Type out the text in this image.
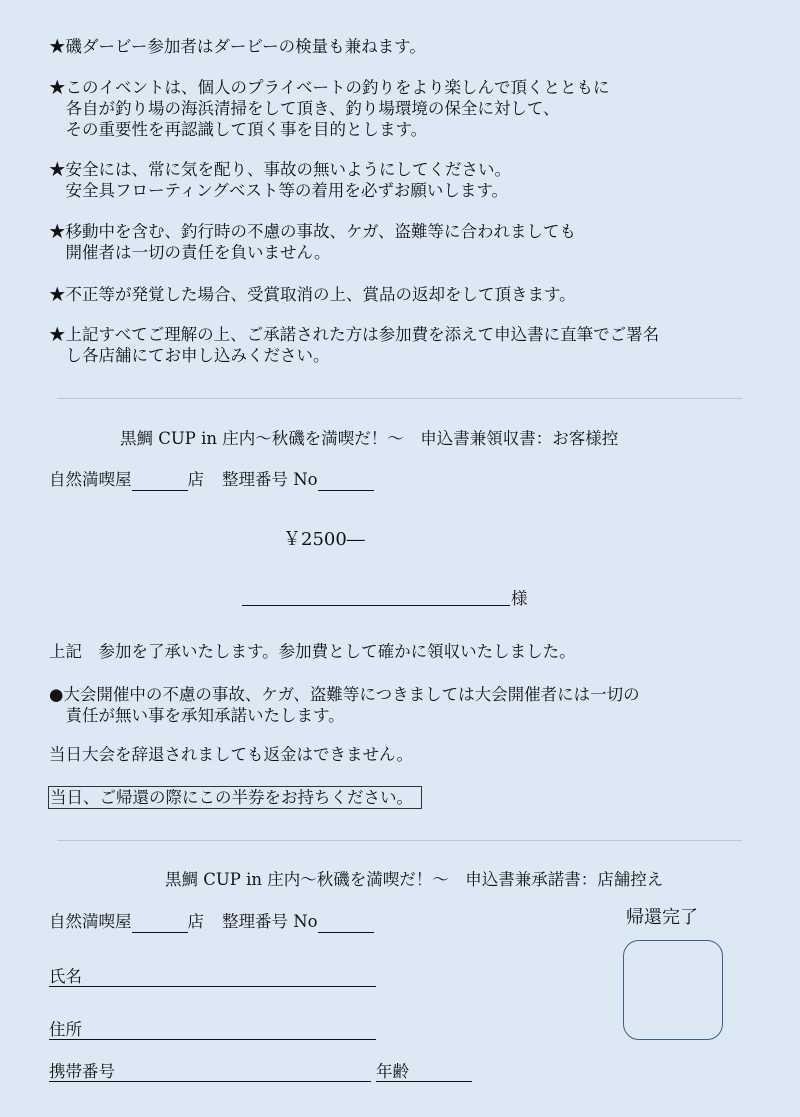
★磯ダービー参加者はダービーの検量も兼ねます。
★このイベントは、個人のプライベートの釣りをより楽しんで頂くとともに
　各自が釣り場の海浜清掃をして頂き、釣り場環境の保全に対して、
　その重要性を再認識して頂く事を目的とします。
★安全には、常に気を配り、事故の無いようにしてください。
　安全具フローティングベスト等の着用を必ずお願いします。
★移動中を含む、釣行時の不慮の事故、ケガ、盗難等に合われましても
　開催者は一切の責任を負いません。
★不正等が発覚した場合、受賞取消の上、賞品の返却をして頂きます。
★上記すべてご理解の上、ご承諾された方は参加費を添えて申込書に直筆でご署名
　し各店舗にてお申し込みください。
黒鯛 CUP in 庄内～秋磯を満喫だ！～　申込書兼領収書：お客様控
自然満喫屋	店 整理番号 No
￥2500―
様
上記　参加を了承いたします。参加費として確かに領収いたしました。
●大会開催中の不慮の事故、ケガ、盗難等につきましては大会開催者には一切の
　責任が無い事を承知承諾いたします。
当日大会を辞退されましても返金はできません。
当日、ご帰還の際にこの半券をお持ちください。
黒鯛 CUP in 庄内～秋磯を満喫だ！～　申込書兼承諾書：店舗控え
自然満喫屋	店 整理番号 No	帰還完了
氏名
住所
携帯番号	年齢
